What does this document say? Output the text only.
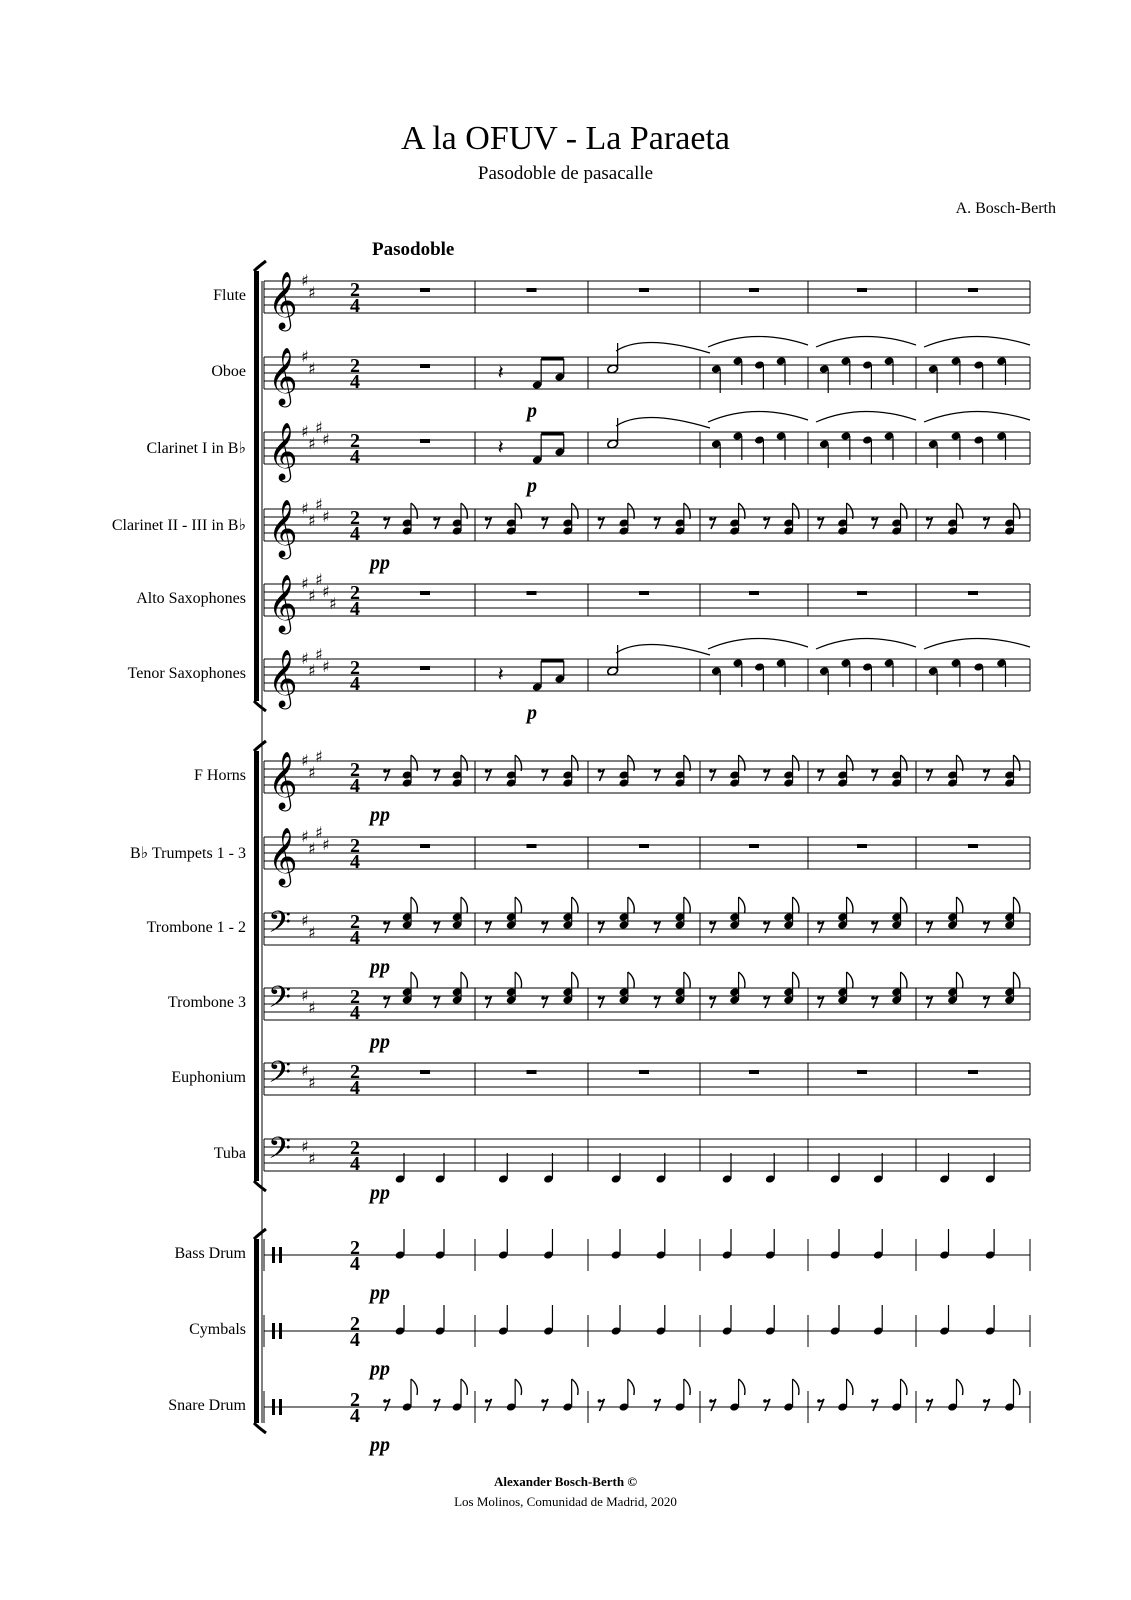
A la OFUV - La Paraeta
Pasodoble de pasacalle
A. Bosch-Berth
Pasodoble
Flute
Oboe
Clarinet I in B♭
Clarinet II - III in B♭
Alto Saxophones
Tenor Saxophones
F Horns
B♭ Trumpets 1 - 3
Trombone 1 - 2
Trombone 3
Euphonium
Tuba
Bass Drum
Cymbals
Snare Drum
𝄞 ♯
♯ 2
4
𝄞 ♯
♯ 2
4	𝄽
p
𝄞 ♯
♯
♯
♯ 2
4	𝄽
p
𝄞 ♯
♯
♯
♯ 2
4
pp
𝄞 ♯
♯
♯
♯
♯ 2
4
𝄞 ♯
♯
♯
♯ 2
4	𝄽
p
𝄞 ♯
♯
♯
2
4
pp
𝄞 ♯
♯
♯
♯ 2
4
𝄢 ♯
♯ 2
4
pp
𝄢 ♯
♯ 2
4
pp
𝄢 ♯
♯ 2
4
𝄢 ♯
♯ 2
4
pp
2
4
pp
2
4
pp
2
4
pp
Alexander Bosch-Berth ©
Los Molinos, Comunidad de Madrid, 2020
